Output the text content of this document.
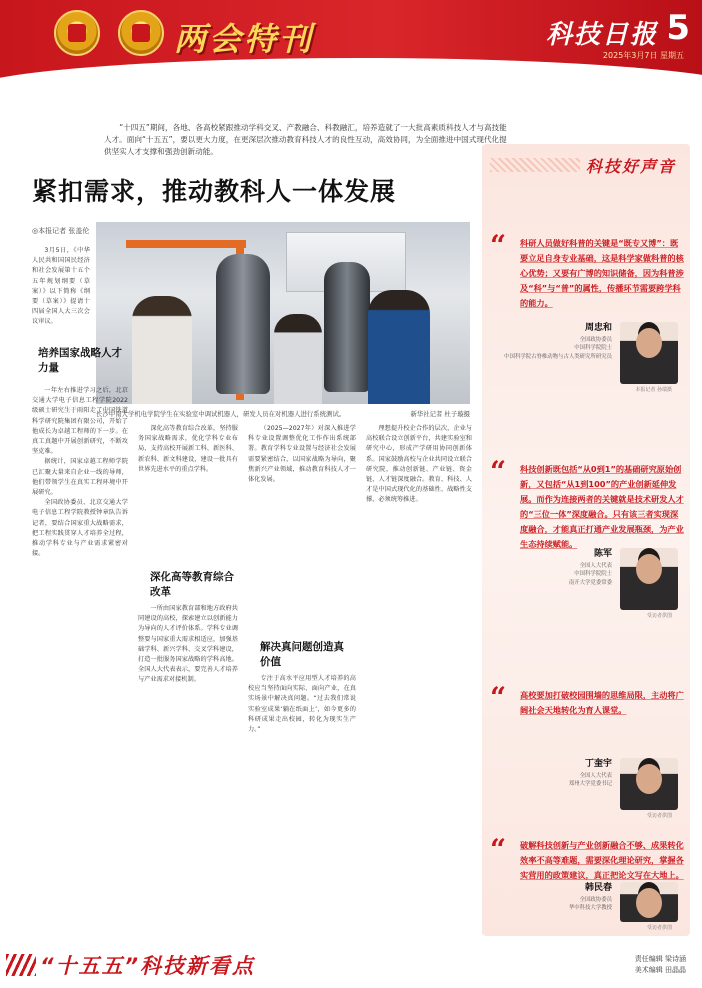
两会特刊	科技日报 5
2025年3月7日 星期五
“十四五”期间，各地、各高校紧跟推动学科交叉、产教融合、科教融汇，培养造就了一大批高素质科技人才与高技能人才。面向“十五五”，要以更大力度，在更深层次推动教育科技人才的良性互动，高效协同，为全面推进中国式现代化提供坚实人才支撑和强劲创新动能。
紧扣需求，推动教科人一体发展
◎本报记者 张盖伦
长沙中南大学机电学院学生在实验室中调试机器人，研发人员在对机器人进行系统测试。	新华社记者 杜子璇摄

3月5日，《中华人民共和国国民经济和社会发展第十五个五年规划纲要（草案）》以下简称《纲要（草案）》提请十四届全国人大三次会议审议。

培养国家战略人才力量

一年左右推进学习之后，北京交通大学电子信息工程学院2022级硕士研究生于雨阳走了中国铁道科学研究院集团有限公司，开始了他成长为卓越工程师的下一步。在真工真题中开展创新研究，不断攻坚克难。

据统计，国家卓越工程师学院已汇聚大量来自企业一线的导师，他们带领学生在真实工程环境中开展研究。

全国政协委员、北京交通大学电子信息工程学院教授钟章队告诉记者，要结合国家重大战略需求，把工程实践贯穿人才培养全过程，推动学科专业与产业需求紧密对接。

深化高等教育综合改革，坚持服务国家战略需求，优化学科专业布局，支持高校开展新工科、新医科、新农科、新文科建设，建设一批具有世界先进水平的重点学科。

深化高等教育综合改革

一所由国家教育部和地方政府共同建设的高校，探索建立以创新能力为导向的人才评价体系。学科专业调整要与国家重大需求相适应，加强基础学科、新兴学科、交叉学科建设，打造一批服务国家战略的学科高地。全国人大代表表示，要完善人才培养与产业需求对接机制。

（2025—2027年）对深入推进学科专业设置调整优化工作作出系统部署。教育学科专业设置与经济社会发展需要紧密结合，以国家战略为导向，聚焦新兴产业领域，推动教育科技人才一体化发展。

解决真问题创造真价值

专注于高水平应用型人才培养的高校应当坚持面向实际、面向产业，在真实场景中解决真问题。“过去我们常说实验室成果‘躺在纸面上’，如今更多的科研成果走出校园，转化为现实生产力。”

理想提升校企合作的层次，企业与高校联合设立创新平台，共建实验室和研究中心，形成产学研用协同创新体系。国家鼓励高校与企业共同设立联合研究院，推动创新链、产业链、资金链、人才链深度融合。教育、科技、人才是中国式现代化的基础性、战略性支撑，必须统筹推进。

科技好声音
“ 科研人员做好科普的关键是“既专又博”：既要立足自身专业基础，这是科学家做科普的核心优势；又要有广博的知识储备，因为科普涉及“科”与“普”的属性，传播环节需要跨学科的能力。
周忠和
全国政协委员
中国科学院院士
中国科学院古脊椎动物与古人类研究所研究员
本报记者 孙瑞摄
“ 科技创新既包括“从0到1”的基础研究原始创新，又包括“从1到100”的产业创新延伸发展。而作为连接两者的关键就是技术研发人才的“三位一体”深度融合。只有该三者实现深度融合，才能真正打通产业发展瓶颈，为产业生态持续赋能。
陈军
全国人大代表
中国科学院院士
南开大学党委常委
受访者供图
“ 高校要加打破校园围墙的思维局限，主动将广阔社会天地转化为育人课堂。
丁奎宇
全国人大代表
郑州大学党委书记
受访者供图
“ 破解科技创新与产业创新融合不够、成果转化效率不高等难题，需要深化理论研究，掌握各实营用的政策建议，真正把论文写在大地上。
韩民春
全国政协委员
华中科技大学教授
受访者供图
“十五五”科技新看点	责任编辑 梁诗涵
美术编辑 田晶晶
